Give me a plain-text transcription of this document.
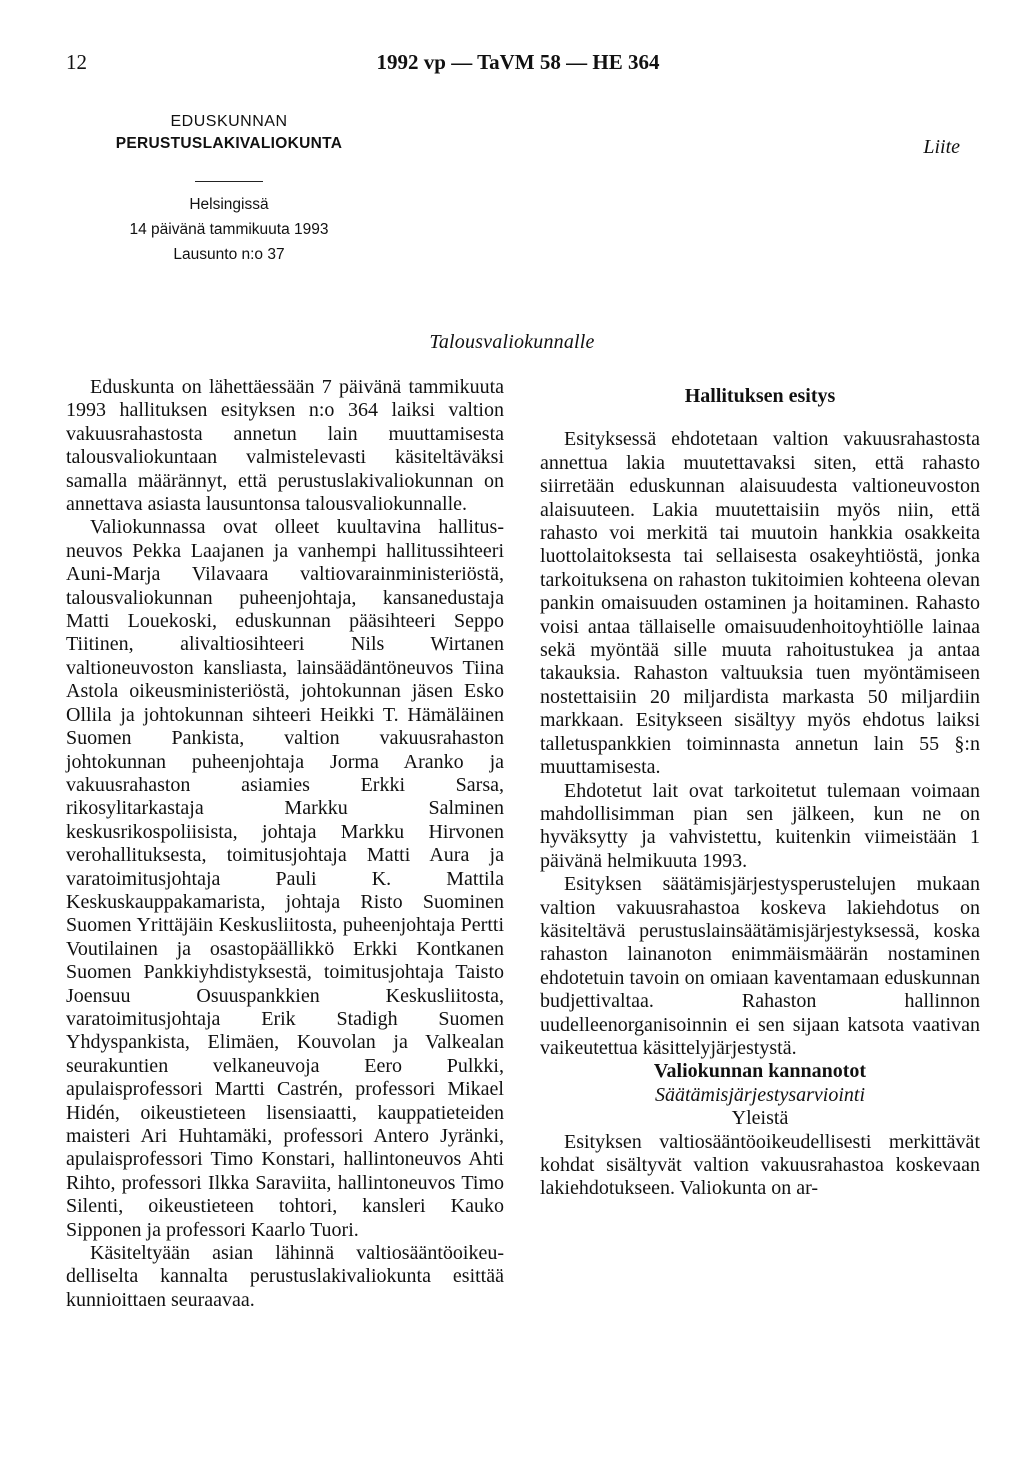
12	1992 vp — TaVM 58 — HE 364
EDUSKUNNAN
PERUSTUSLAKIVALIOKUNTA
Helsingissä
14 päivänä tammikuuta 1993
Lausunto n:o 37
Liite
Talousvaliokunnalle

Eduskunta on lähettäessään 7 päivänä tammikuuta 1993 hallituksen esityksen n:o 364 laiksi valtion vakuusrahastosta annetun lain muuttamisesta talousvaliokuntaan valmistelevasti käsiteltäväksi samalla määrännyt, että perustuslakivaliokunnan on annettava asiasta lausuntonsa talousvaliokunnalle.

Valiokunnassa ovat olleet kuultavina hallitusneuvos Pekka Laajanen ja vanhempi hallitussihteeri Auni-Marja Vilavaara valtiovarainministeriöstä, talousvaliokunnan puheenjohtaja, kansanedustaja Matti Louekoski, eduskunnan pääsihteeri Seppo Tiitinen, alivaltiosihteeri Nils Wirtanen valtioneuvoston kansliasta, lainsäädäntöneuvos Tiina Astola oikeusministeriöstä, johtokunnan jäsen Esko Ollila ja johtokunnan sihteeri Heikki T. Hämäläinen Suomen Pankista, valtion vakuusrahaston johtokunnan puheenjohtaja Jorma Aranko ja vakuusrahaston asiamies Erkki Sarsa, rikosylitarkastaja Markku Salminen keskusrikospoliisista, johtaja Markku Hirvonen verohallituksesta, toimitusjohtaja Matti Aura ja varatoimitusjohtaja Pauli K. Mattila Keskuskauppakamarista, johtaja Risto Suominen Suomen Yrittäjäin Keskusliitosta, puheenjohtaja Pertti Voutilainen ja osastopäällikkö Erkki Kontkanen Suomen Pankkiyhdistyksestä, toimitusjohtaja Taisto Joensuu Osuuspankkien Keskusliitosta, varatoimitusjohtaja Erik Stadigh Suomen Yhdyspankista, Elimäen, Kouvolan ja Valkealan seurakuntien velkaneuvoja Eero Pulkki, apulaisprofessori Martti Castrén, professori Mikael Hidén, oikeustieteen lisensiaatti, kauppatieteiden maisteri Ari Huhtamäki, professori Antero Jyränki, apulaisprofessori Timo Konstari, hallintoneuvos Ahti Rihto, professori Ilkka Saraviita, hallintoneuvos Timo Silenti, oikeustieteen tohtori, kansleri Kauko Sipponen ja professori Kaarlo Tuori.

Käsiteltyään asian lähinnä valtiosääntöoikeudelliselta kannalta perustuslakivaliokunta esittää kunnioittaen seuraavaa.

Hallituksen esitys

Esityksessä ehdotetaan valtion vakuusrahastosta annettua lakia muutettavaksi siten, että rahasto siirretään eduskunnan alaisuudesta valtioneuvoston alaisuuteen. Lakia muutettaisiin myös niin, että rahasto voi merkitä tai muutoin hankkia osakkeita luottolaitoksesta tai sellaisesta osakeyhtiöstä, jonka tarkoituksena on rahaston tukitoimien kohteena olevan pankin omaisuuden ostaminen ja hoitaminen. Rahasto voisi antaa tällaiselle omaisuudenhoitoyhtiölle lainaa sekä myöntää sille muuta rahoitustukea ja antaa takauksia. Rahaston valtuuksia tuen myöntämiseen nostettaisiin 20 miljardista markasta 50 miljardiin markkaan. Esitykseen sisältyy myös ehdotus laiksi talletuspankkien toiminnasta annetun lain 55 §:n muuttamisesta.

Ehdotetut lait ovat tarkoitetut tulemaan voimaan mahdollisimman pian sen jälkeen, kun ne on hyväksytty ja vahvistettu, kuitenkin viimeistään 1 päivänä helmikuuta 1993.

Esityksen säätämisjärjestysperustelujen mukaan valtion vakuusrahastoa koskeva lakiehdotus on käsiteltävä perustuslainsäätämisjärjestyksessä, koska rahaston lainanoton enimmäismäärän nostaminen ehdotetuin tavoin on omiaan kaventamaan eduskunnan budjettivaltaa. Rahaston hallinnon uudelleenorganisoinnin ei sen sijaan katsota vaativan vaikeutettua käsittelyjärjestystä.

Valiokunnan kannanotot

Säätämisjärjestysarviointi

Yleistä

Esityksen valtiosääntöoikeudellisesti merkittävät kohdat sisältyvät valtion vakuusrahastoa koskevaan lakiehdotukseen. Valiokunta on ar-
